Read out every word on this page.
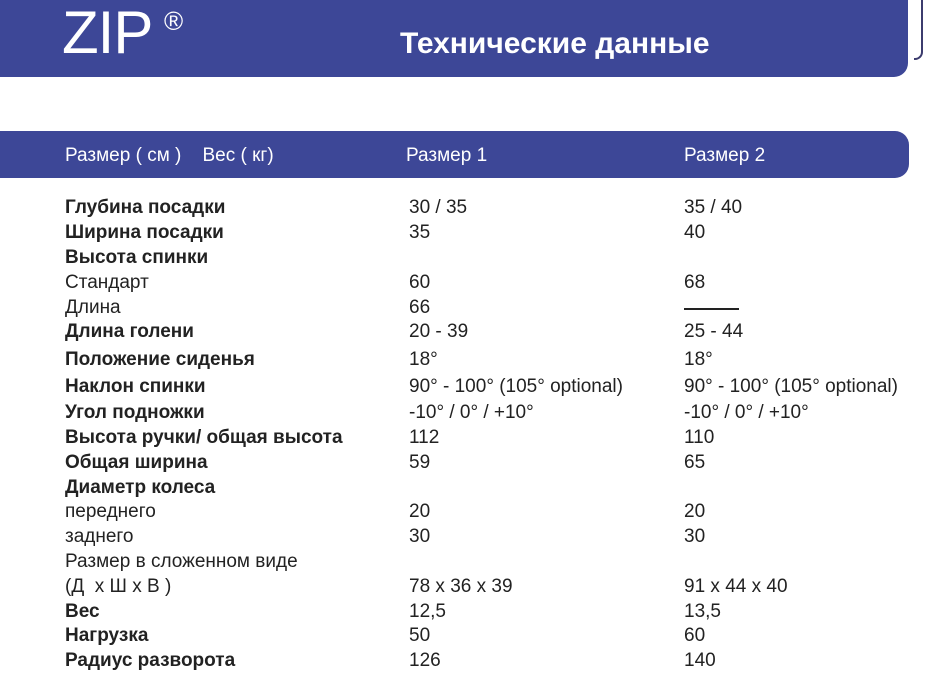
ZIP ®
Технические данные
Размер ( см )    Вес ( кг)	Размер 1	Размер 2
Глубина посадки	30 / 35	35 / 40
Ширина посадки	35	40
Высота спинки
Стандарт	60	68
Длина	66
Длина голени	20 - 39	25 - 44
Положение сиденья	18°	18°
Наклон спинки	90° - 100° (105° optional)	90° - 100° (105° optional)
Угол подножки	-10° / 0° / +10°	-10° / 0° / +10°
Высота ручки/ общая высота	112	110
Общая ширина	59	65
Диаметр колеса
переднего	20	20
заднего	30	30
Размер в сложенном виде
(Д  х Ш х В )	78 x 36 x 39	91 x 44 x 40
Вес	12,5	13,5
Нагрузка	50	60
Радиус разворота	126	140
